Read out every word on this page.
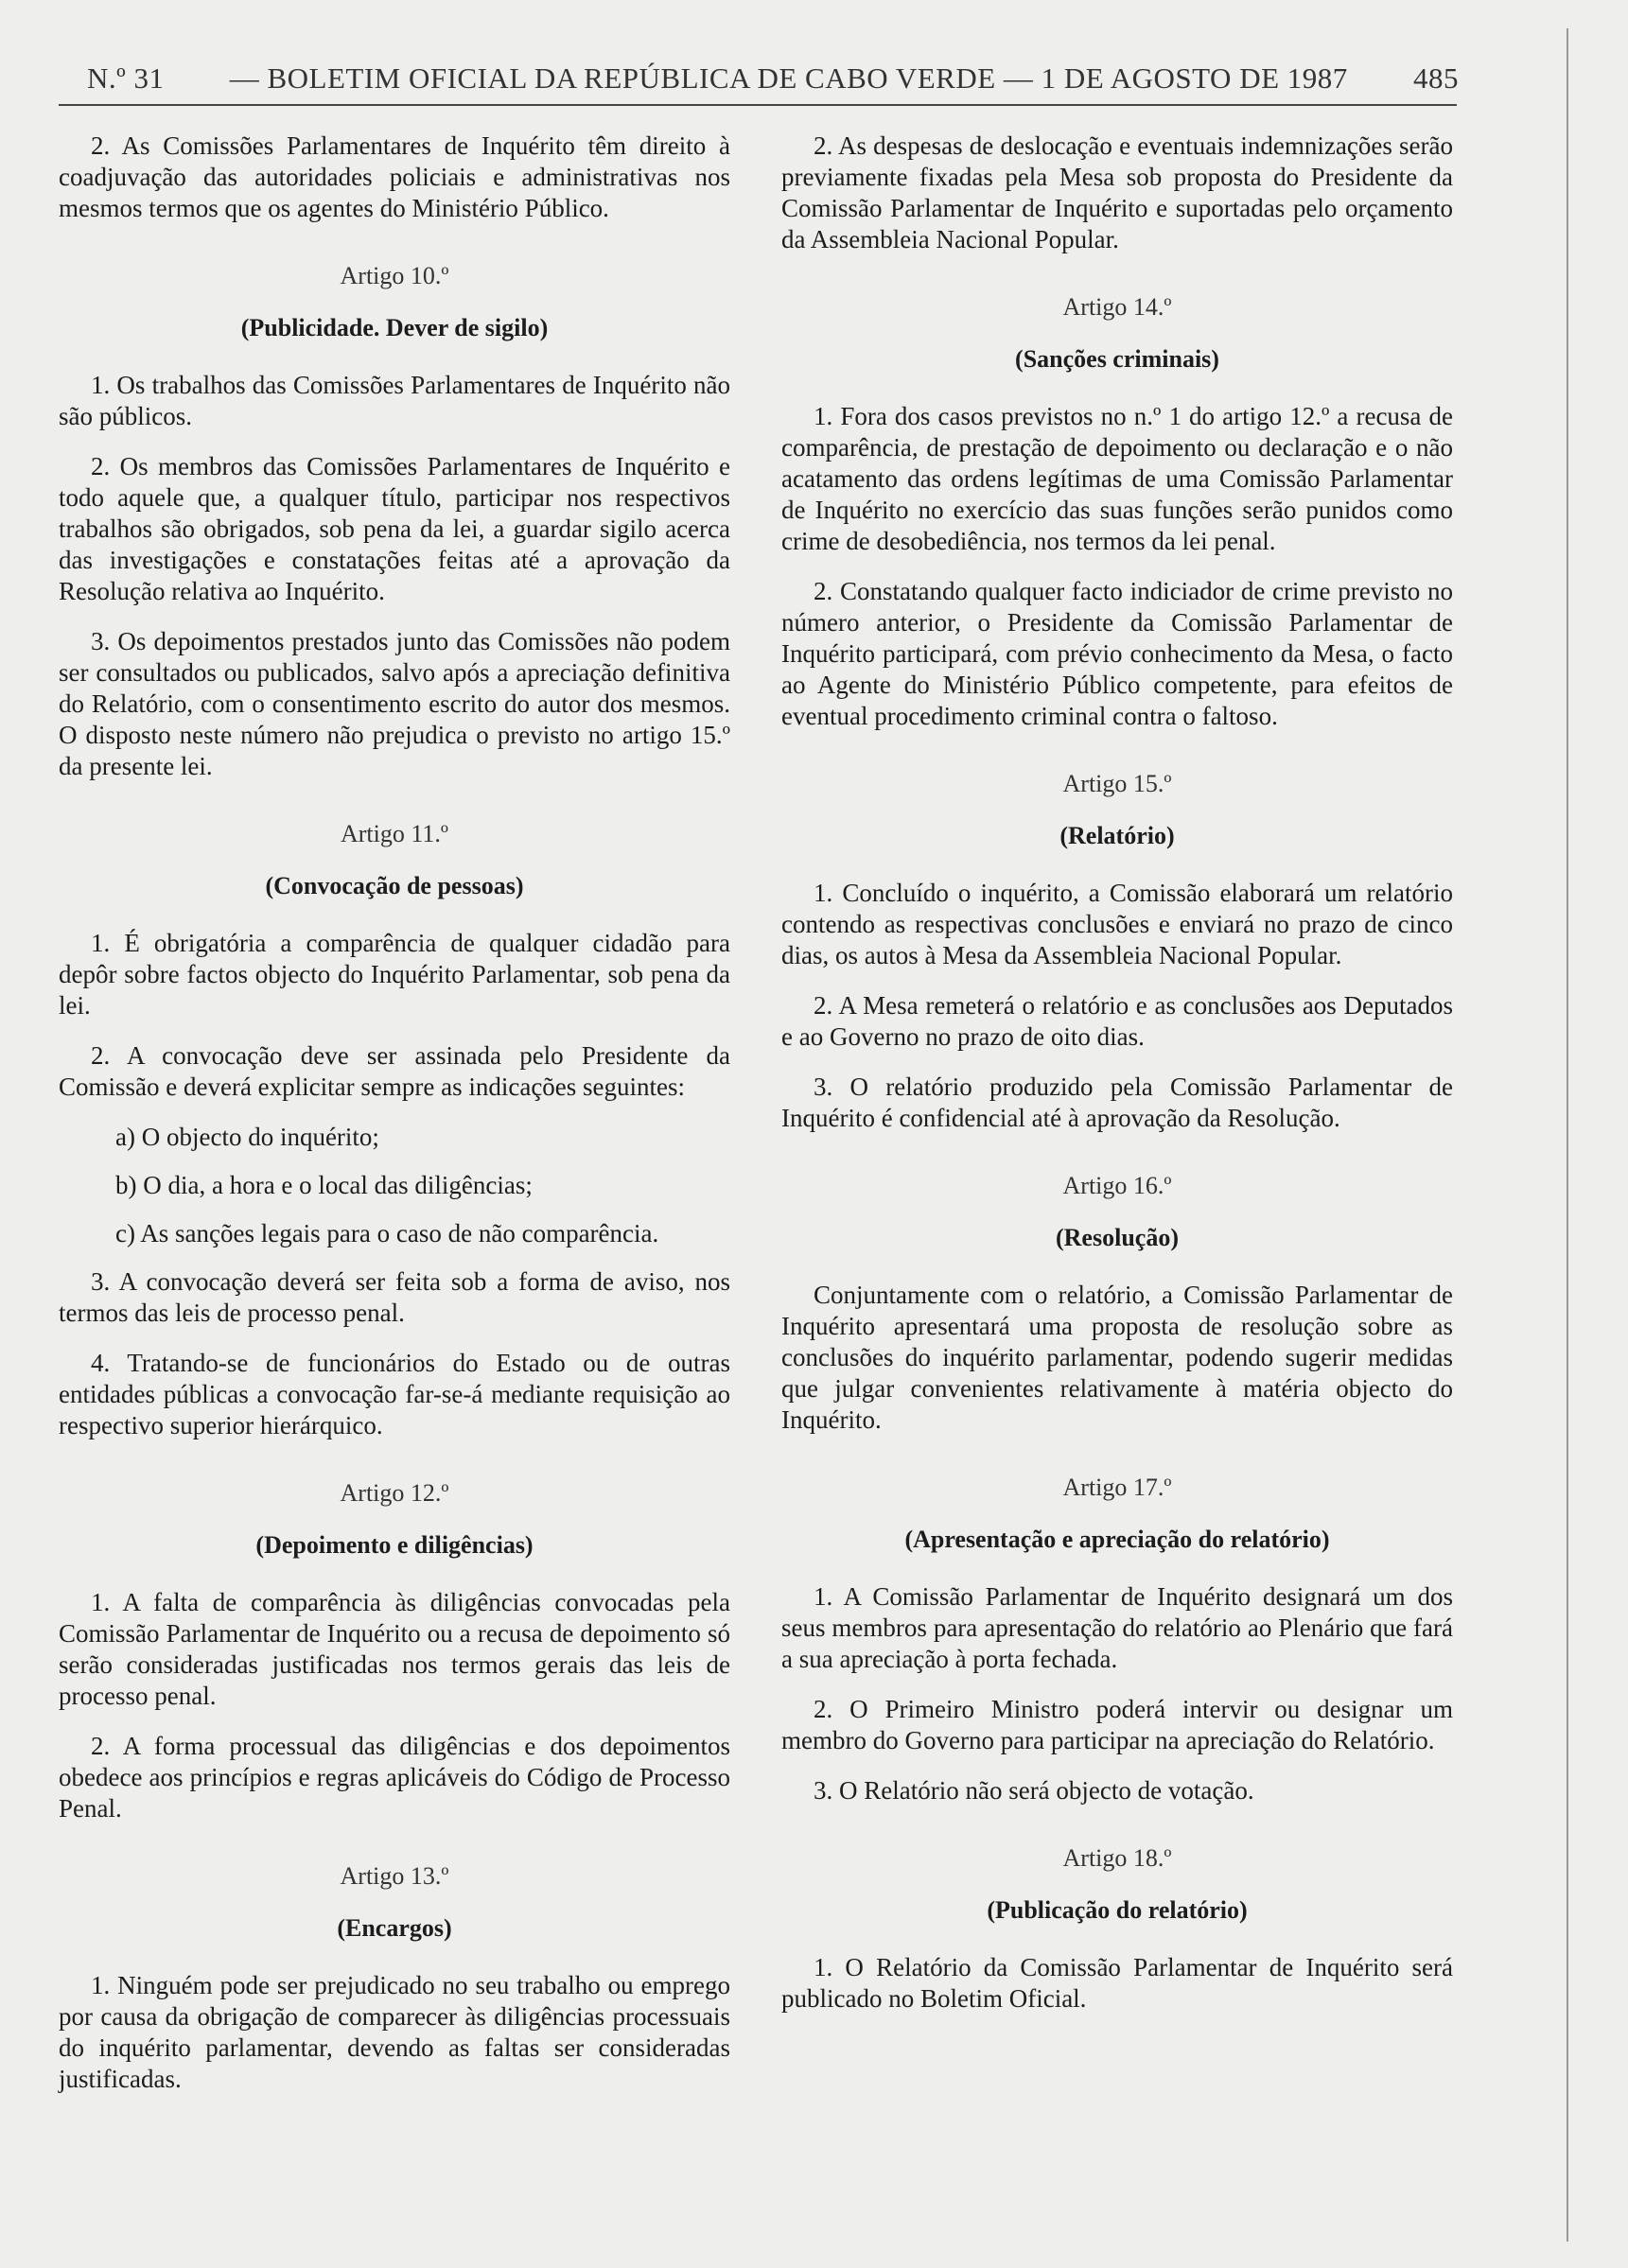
N.º 31 — BOLETIM OFICIAL DA REPÚBLICA DE CABO VERDE — 1 DE AGOSTO DE 1987 485

2. As Comissões Parlamentares de Inquérito têm direito à coadjuvação das autoridades policiais e administrativas nos mesmos termos que os agentes do Ministério Público.

Artigo 10.º
(Publicidade. Dever de sigilo)

1. Os trabalhos das Comissões Parlamentares de Inquérito não são públicos.

2. Os membros das Comissões Parlamentares de Inquérito e todo aquele que, a qualquer título, participar nos respectivos trabalhos são obrigados, sob pena da lei, a guardar sigilo acerca das investigações e constatações feitas até a aprovação da Resolução relativa ao Inquérito.

3. Os depoimentos prestados junto das Comissões não podem ser consultados ou publicados, salvo após a apreciação definitiva do Relatório, com o consentimento escrito do autor dos mesmos. O disposto neste número não prejudica o previsto no artigo 15.º da presente lei.

Artigo 11.º
(Convocação de pessoas)

1. É obrigatória a comparência de qualquer cidadão para depôr sobre factos objecto do Inquérito Parlamentar, sob pena da lei.

2. A convocação deve ser assinada pelo Presidente da Comissão e deverá explicitar sempre as indicações seguintes:

a) O objecto do inquérito;

b) O dia, a hora e o local das diligências;

c) As sanções legais para o caso de não comparência.

3. A convocação deverá ser feita sob a forma de aviso, nos termos das leis de processo penal.

4. Tratando-se de funcionários do Estado ou de outras entidades públicas a convocação far-se-á mediante requisição ao respectivo superior hierárquico.

Artigo 12.º
(Depoimento e diligências)

1. A falta de comparência às diligências convocadas pela Comissão Parlamentar de Inquérito ou a recusa de depoimento só serão consideradas justificadas nos termos gerais das leis de processo penal.

2. A forma processual das diligências e dos depoimentos obedece aos princípios e regras aplicáveis do Código de Processo Penal.

Artigo 13.º
(Encargos)

1. Ninguém pode ser prejudicado no seu trabalho ou emprego por causa da obrigação de comparecer às diligências processuais do inquérito parlamentar, devendo as faltas ser consideradas justificadas.

2. As despesas de deslocação e eventuais indemnizações serão previamente fixadas pela Mesa sob proposta do Presidente da Comissão Parlamentar de Inquérito e suportadas pelo orçamento da Assembleia Nacional Popular.

Artigo 14.º
(Sanções criminais)

1. Fora dos casos previstos no n.º 1 do artigo 12.º a recusa de comparência, de prestação de depoimento ou declaração e o não acatamento das ordens legítimas de uma Comissão Parlamentar de Inquérito no exercício das suas funções serão punidos como crime de desobediência, nos termos da lei penal.

2. Constatando qualquer facto indiciador de crime previsto no número anterior, o Presidente da Comissão Parlamentar de Inquérito participará, com prévio conhecimento da Mesa, o facto ao Agente do Ministério Público competente, para efeitos de eventual procedimento criminal contra o faltoso.

Artigo 15.º
(Relatório)

1. Concluído o inquérito, a Comissão elaborará um relatório contendo as respectivas conclusões e enviará no prazo de cinco dias, os autos à Mesa da Assembleia Nacional Popular.

2. A Mesa remeterá o relatório e as conclusões aos Deputados e ao Governo no prazo de oito dias.

3. O relatório produzido pela Comissão Parlamentar de Inquérito é confidencial até à aprovação da Resolução.

Artigo 16.º
(Resolução)

Conjuntamente com o relatório, a Comissão Parlamentar de Inquérito apresentará uma proposta de resolução sobre as conclusões do inquérito parlamentar, podendo sugerir medidas que julgar convenientes relativamente à matéria objecto do Inquérito.

Artigo 17.º
(Apresentação e apreciação do relatório)

1. A Comissão Parlamentar de Inquérito designará um dos seus membros para apresentação do relatório ao Plenário que fará a sua apreciação à porta fechada.

2. O Primeiro Ministro poderá intervir ou designar um membro do Governo para participar na apreciação do Relatório.

3. O Relatório não será objecto de votação.

Artigo 18.º
(Publicação do relatório)

1. O Relatório da Comissão Parlamentar de Inquérito será publicado no Boletim Oficial.
